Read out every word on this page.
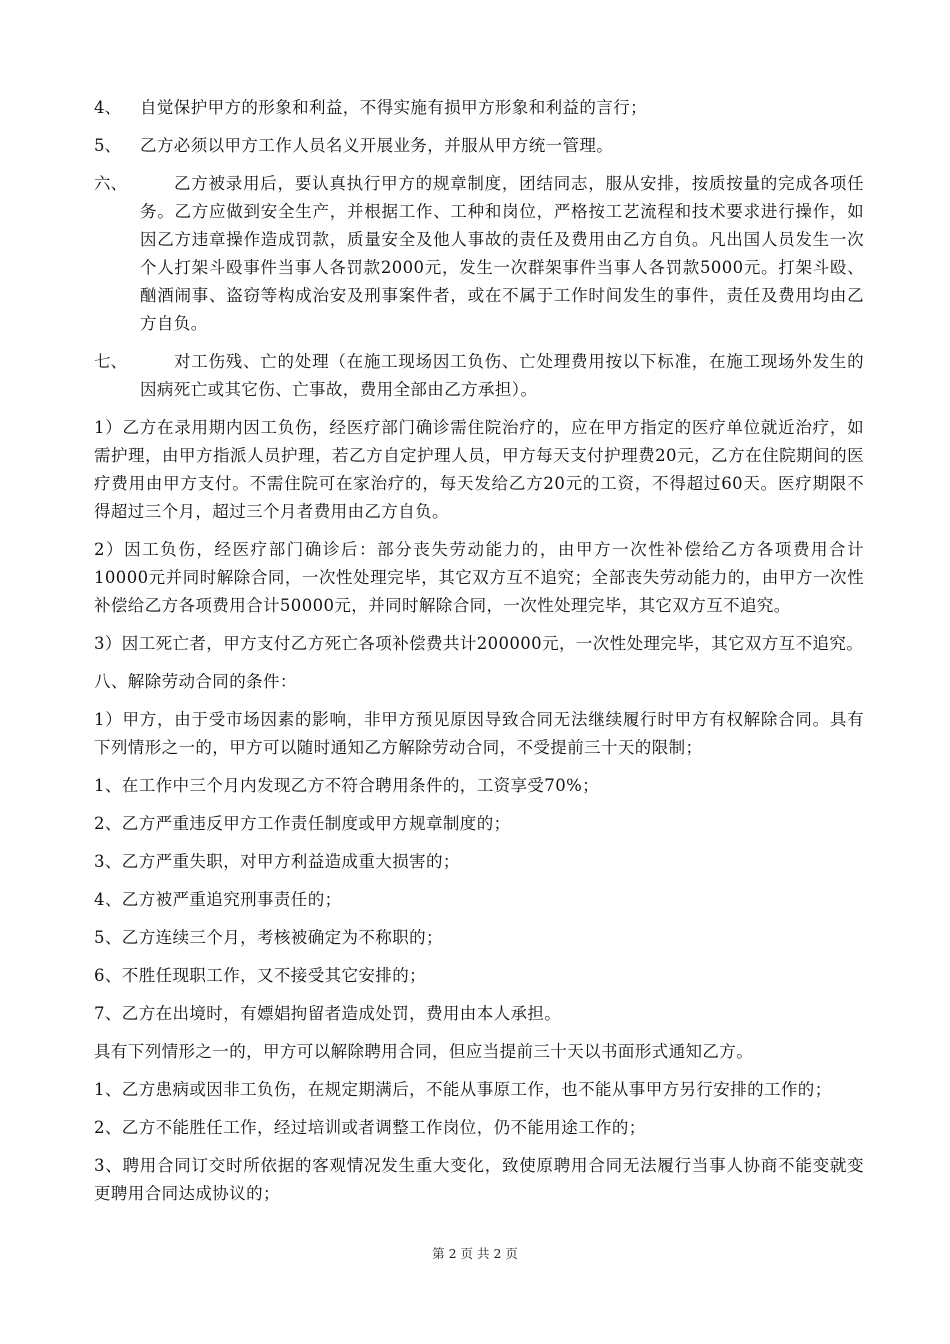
4、	自觉保护甲方的形象和利益，不得实施有损甲方形象和利益的言行；
5、	乙方必须以甲方工作人员名义开展业务，并服从甲方统一管理。
六、	乙方被录用后，要认真执行甲方的规章制度，团结同志，服从安排，按质按量的完成各项任务。乙方应做到安全生产，并根据工作、工种和岗位，严格按工艺流程和技术要求进行操作，如因乙方违章操作造成罚款，质量安全及他人事故的责任及费用由乙方自负。凡出国人员发生一次个人打架斗殴事件当事人各罚款2000元，发生一次群架事件当事人各罚款5000元。打架斗殴、酗酒闹事、盗窃等构成治安及刑事案件者，或在不属于工作时间发生的事件，责任及费用均由乙方自负。
七、	对工伤残、亡的处理（在施工现场因工负伤、亡处理费用按以下标准，在施工现场外发生的因病死亡或其它伤、亡事故，费用全部由乙方承担）。

1）乙方在录用期内因工负伤，经医疗部门确诊需住院治疗的，应在甲方指定的医疗单位就近治疗，如需护理，由甲方指派人员护理，若乙方自定护理人员，甲方每天支付护理费20元，乙方在住院期间的医疗费用由甲方支付。不需住院可在家治疗的，每天发给乙方20元的工资，不得超过60天。医疗期限不得超过三个月，超过三个月者费用由乙方自负。

2）因工负伤，经医疗部门确诊后：部分丧失劳动能力的，由甲方一次性补偿给乙方各项费用合计10000元并同时解除合同，一次性处理完毕，其它双方互不追究；全部丧失劳动能力的，由甲方一次性补偿给乙方各项费用合计50000元，并同时解除合同，一次性处理完毕，其它双方互不追究。

3）因工死亡者，甲方支付乙方死亡各项补偿费共计200000元，一次性处理完毕，其它双方互不追究。

八、解除劳动合同的条件：

1）甲方，由于受市场因素的影响，非甲方预见原因导致合同无法继续履行时甲方有权解除合同。具有下列情形之一的，甲方可以随时通知乙方解除劳动合同，不受提前三十天的限制；

1、在工作中三个月内发现乙方不符合聘用条件的，工资享受70%；

2、乙方严重违反甲方工作责任制度或甲方规章制度的；

3、乙方严重失职，对甲方利益造成重大损害的；

4、乙方被严重追究刑事责任的；

5、乙方连续三个月，考核被确定为不称职的；

6、不胜任现职工作，又不接受其它安排的；

7、乙方在出境时，有嫖娼拘留者造成处罚，费用由本人承担。

具有下列情形之一的，甲方可以解除聘用合同，但应当提前三十天以书面形式通知乙方。

1、乙方患病或因非工负伤，在规定期满后，不能从事原工作，也不能从事甲方另行安排的工作的；

2、乙方不能胜任工作，经过培训或者调整工作岗位，仍不能用途工作的；

3、聘用合同订交时所依据的客观情况发生重大变化，致使原聘用合同无法履行当事人协商不能变就变更聘用合同达成协议的；

第 2 页 共 2 页
